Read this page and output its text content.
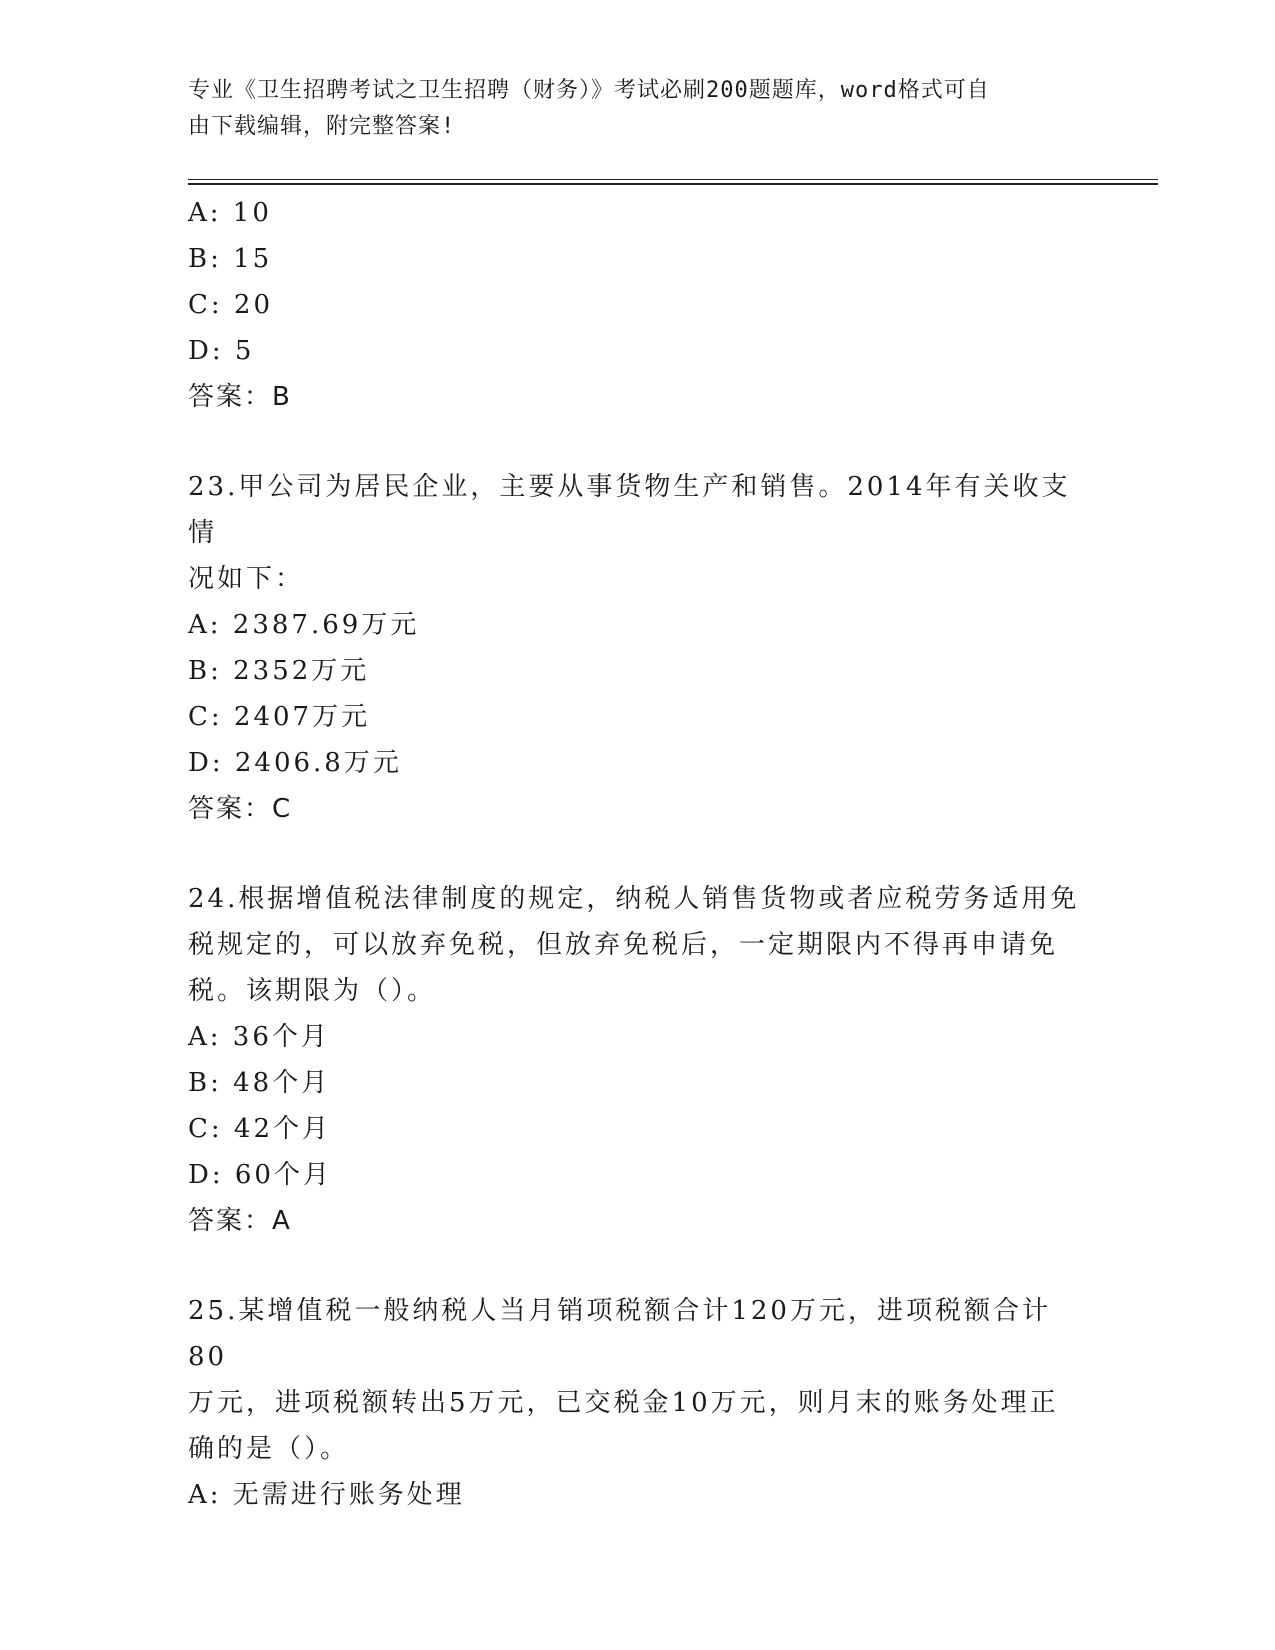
专业《卫生招聘考试之卫生招聘（财务）》考试必刷200题题库，word格式可自
由下载编辑，附完整答案!
A: 10
B: 15
C: 20
D: 5
答案：B
23.甲公司为居民企业，主要从事货物生产和销售。2014年有关收支情
况如下：
A: 2387.69万元
B: 2352万元
C: 2407万元
D: 2406.8万元
答案：C
24.根据增值税法律制度的规定，纳税人销售货物或者应税劳务适用免
税规定的，可以放弃免税，但放弃免税后，一定期限内不得再申请免
税。该期限为（）。
A: 36个月
B: 48个月
C: 42个月
D: 60个月
答案：A
25.某增值税一般纳税人当月销项税额合计120万元，进项税额合计80
万元，进项税额转出5万元，已交税金10万元，则月末的账务处理正
确的是（）。
A: 无需进行账务处理
